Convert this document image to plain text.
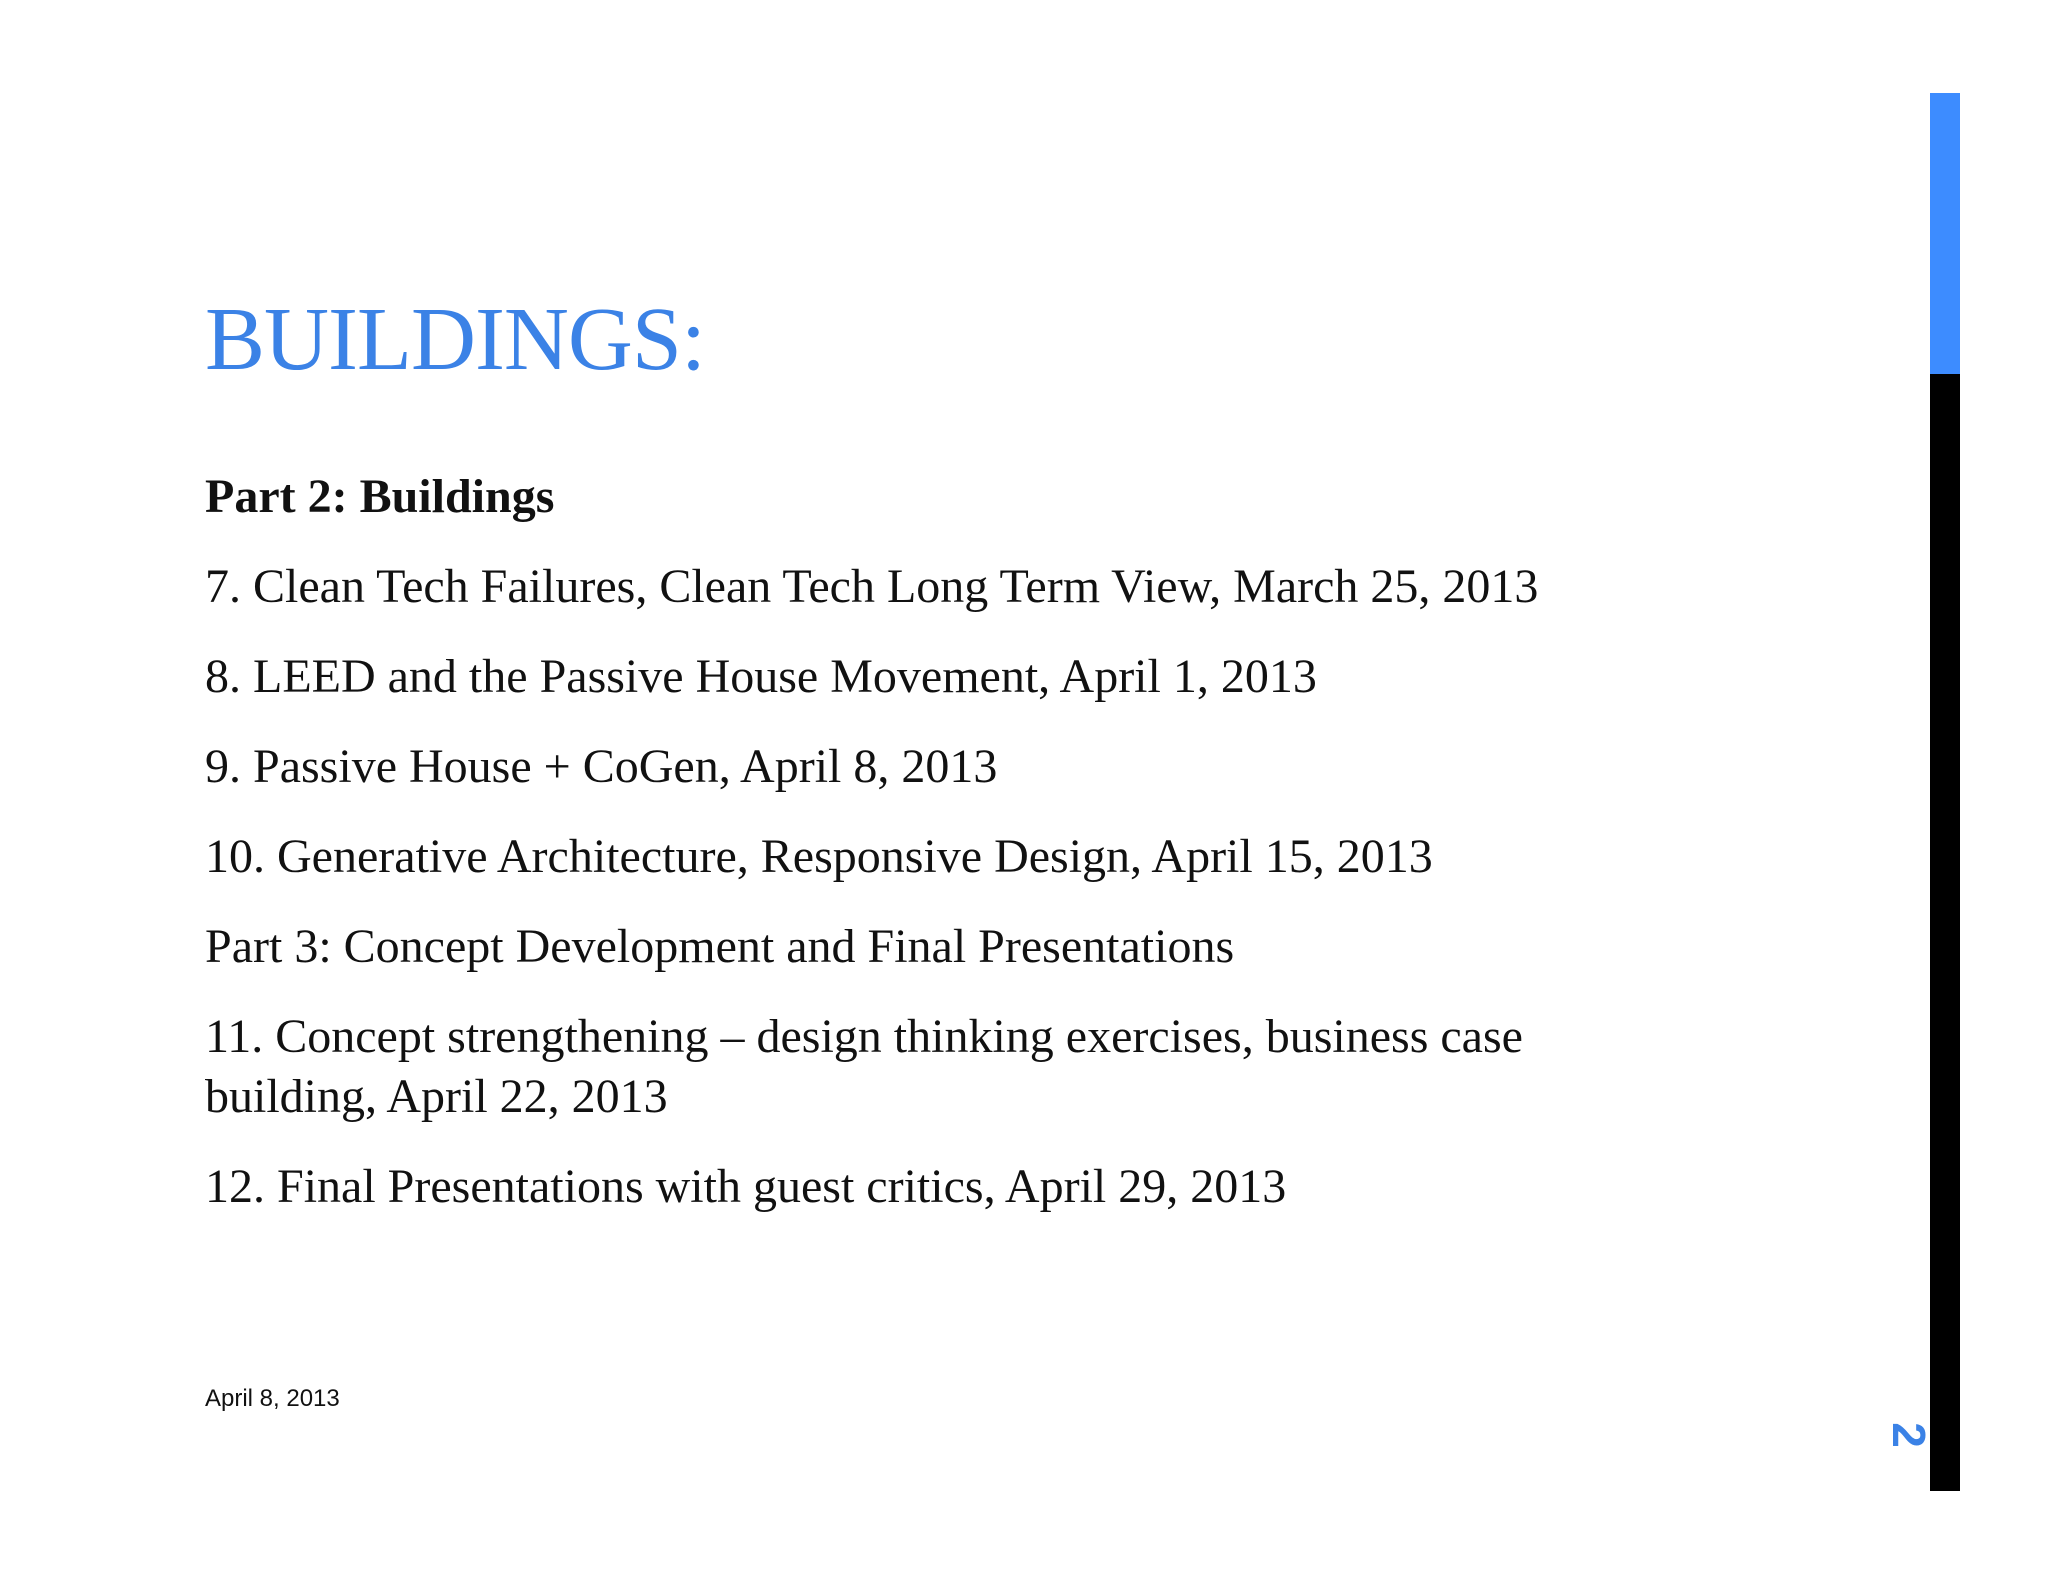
BUILDINGS:

Part 2: Buildings

7. Clean Tech Failures, Clean Tech Long Term View, March 25, 2013

8. LEED and the Passive House Movement, April 1, 2013

9. Passive House + CoGen, April 8, 2013

10. Generative Architecture, Responsive Design, April 15, 2013

Part 3: Concept Development and Final Presentations

11. Concept strengthening – design thinking exercises, business case building, April 22, 2013

12. Final Presentations with guest critics, April 29, 2013

April 8, 2013
2
